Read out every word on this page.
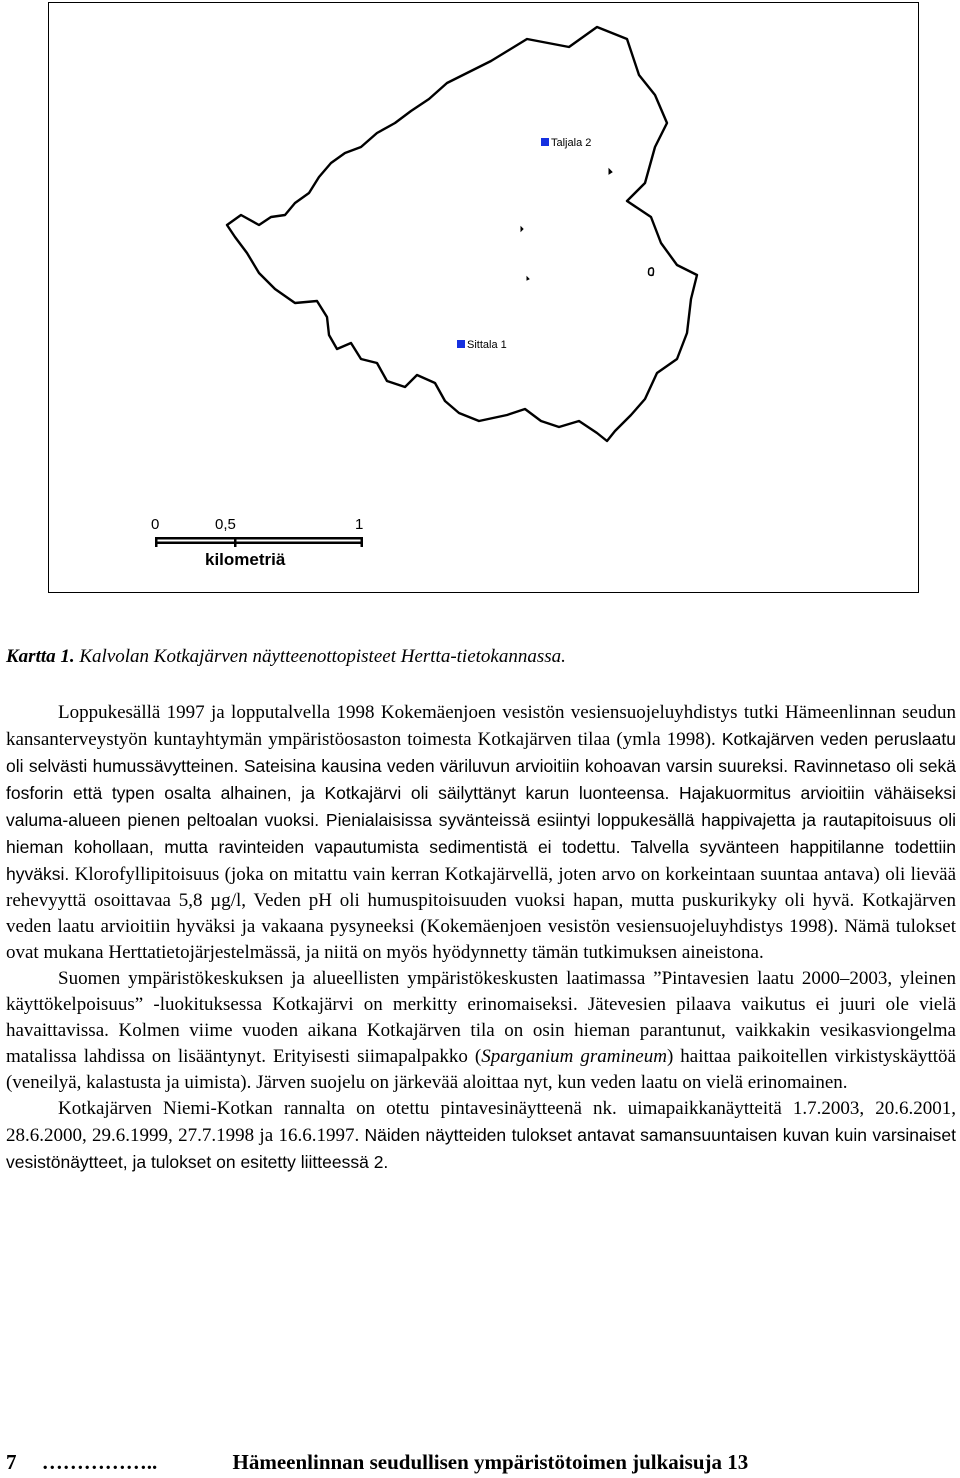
Taljala 2
Sittala 1
0	0,5	1
kilometriä
Kartta 1. Kalvolan Kotkajärven näytteenottopisteet Hertta-tietokannassa.

Loppukesällä 1997 ja lopputalvella 1998 Kokemäenjoen vesistön vesiensuojeluyhdistys tutki Hämeenlinnan seudun kansanterveystyön kuntayhtymän ympäristöosaston toimesta Kotkajärven tilaa (ymla 1998). Kotkajärven veden peruslaatu oli selvästi humussävytteinen. Sateisina kausina veden väriluvun arvioitiin kohoavan varsin suureksi. Ravinnetaso oli sekä fosforin että typen osalta alhainen, ja Kotkajärvi oli säilyttänyt karun luonteensa. Hajakuormitus arvioitiin vähäiseksi valuma-alueen pienen peltoalan vuoksi. Pienialaisissa syvänteissä esiintyi loppukesällä happivajetta ja rautapitoisuus oli hieman kohollaan, mutta ravinteiden vapautumista sedimentistä ei todettu. Talvella syvänteen happitilanne todettiin hyväksi. Klorofyllipitoisuus (joka on mitattu vain kerran Kotkajärvellä, joten arvo on korkeintaan suuntaa antava) oli lievää rehevyyttä osoittavaa 5,8 µg/l, Veden pH oli humuspitoisuuden vuoksi hapan, mutta puskurikyky oli hyvä. Kotkajärven veden laatu arvioitiin hyväksi ja vakaana pysyneeksi (Kokemäenjoen vesistön vesiensuojeluyhdistys 1998). Nämä tulokset ovat mukana Herttatietojärjestelmässä, ja niitä on myös hyödynnetty tämän tutkimuksen aineistona.

Suomen ympäristökeskuksen ja alueellisten ympäristökeskusten laatimassa ”Pintavesien laatu 2000–2003, yleinen käyttökelpoisuus” -luokituksessa Kotkajärvi on merkitty erinomaiseksi. Jätevesien pilaava vaikutus ei juuri ole vielä havaittavissa. Kolmen viime vuoden aikana Kotkajärven tila on osin hieman parantunut, vaikkakin vesikasviongelma matalissa lahdissa on lisääntynyt. Erityisesti siimapalpakko (Sparganium gramineum) haittaa paikoitellen virkistyskäyttöä (veneilyä, kalastusta ja uimista). Järven suojelu on järkevää aloittaa nyt, kun veden laatu on vielä erinomainen.

Kotkajärven Niemi-Kotkan rannalta on otettu pintavesinäytteenä nk. uimapaikkanäytteitä 1.7.2003, 20.6.2001, 28.6.2000, 29.6.1999, 27.7.1998 ja 16.6.1997. Näiden näytteiden tulokset antavat samansuuntaisen kuvan kuin varsinaiset vesistönäytteet, ja tulokset on esitetty liitteessä 2.

7 ……………..	Hämeenlinnan seudullisen ympäristötoimen julkaisuja 13
